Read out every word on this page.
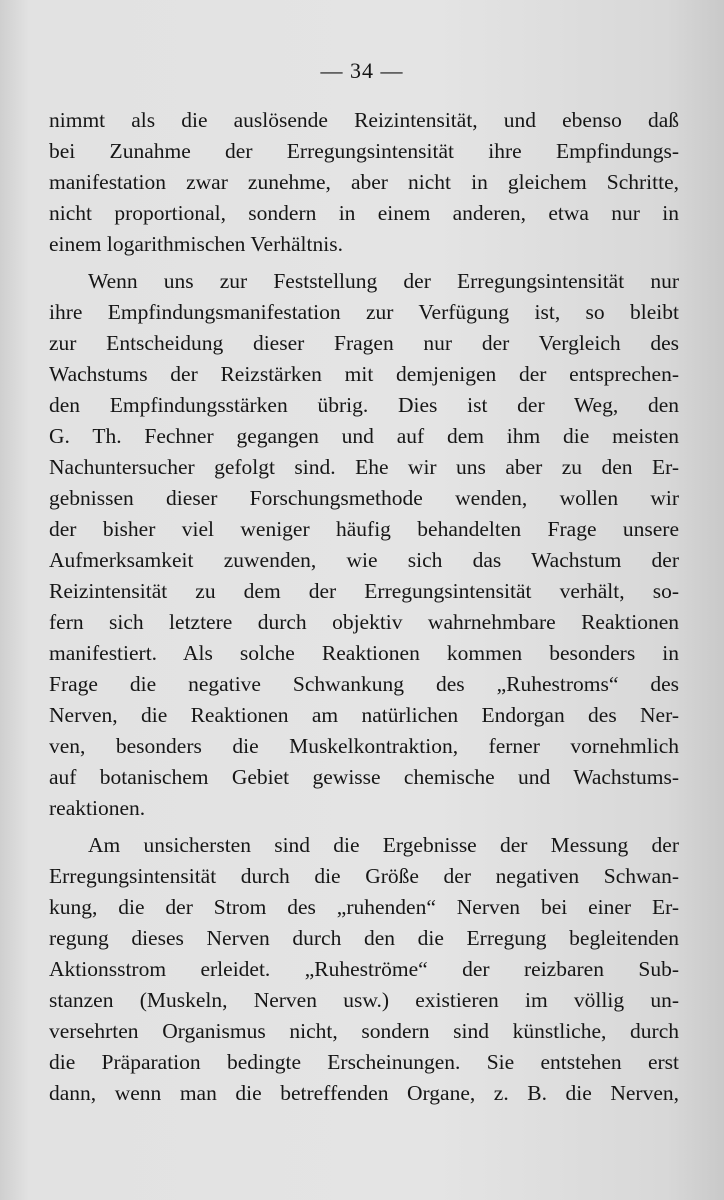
— 34 —
nimmt als die auslösende Reizintensität, und ebenso daß
bei Zunahme der Erregungsintensität ihre Empfindungs-
manifestation zwar zunehme, aber nicht in gleichem Schritte,
nicht proportional, sondern in einem anderen, etwa nur in
einem logarithmischen Verhältnis.
Wenn uns zur Feststellung der Erregungsintensität nur
ihre Empfindungsmanifestation zur Verfügung ist, so bleibt
zur Entscheidung dieser Fragen nur der Vergleich des
Wachstums der Reizstärken mit demjenigen der entsprechen-
den Empfindungsstärken übrig. Dies ist der Weg, den
G. Th. Fechner gegangen und auf dem ihm die meisten
Nachuntersucher gefolgt sind. Ehe wir uns aber zu den Er-
gebnissen dieser Forschungsmethode wenden, wollen wir
der bisher viel weniger häufig behandelten Frage unsere
Aufmerksamkeit zuwenden, wie sich das Wachstum der
Reizintensität zu dem der Erregungsintensität verhält, so-
fern sich letztere durch objektiv wahrnehmbare Reaktionen
manifestiert. Als solche Reaktionen kommen besonders in
Frage die negative Schwankung des „Ruhestroms“ des
Nerven, die Reaktionen am natürlichen Endorgan des Ner-
ven, besonders die Muskelkontraktion, ferner vornehmlich
auf botanischem Gebiet gewisse chemische und Wachstums-
reaktionen.
Am unsichersten sind die Ergebnisse der Messung der
Erregungsintensität durch die Größe der negativen Schwan-
kung, die der Strom des „ruhenden“ Nerven bei einer Er-
regung dieses Nerven durch den die Erregung begleitenden
Aktionsstrom erleidet. „Ruheströme“ der reizbaren Sub-
stanzen (Muskeln, Nerven usw.) existieren im völlig un-
versehrten Organismus nicht, sondern sind künstliche, durch
die Präparation bedingte Erscheinungen. Sie entstehen erst
dann, wenn man die betreffenden Organe, z. B. die Nerven,
